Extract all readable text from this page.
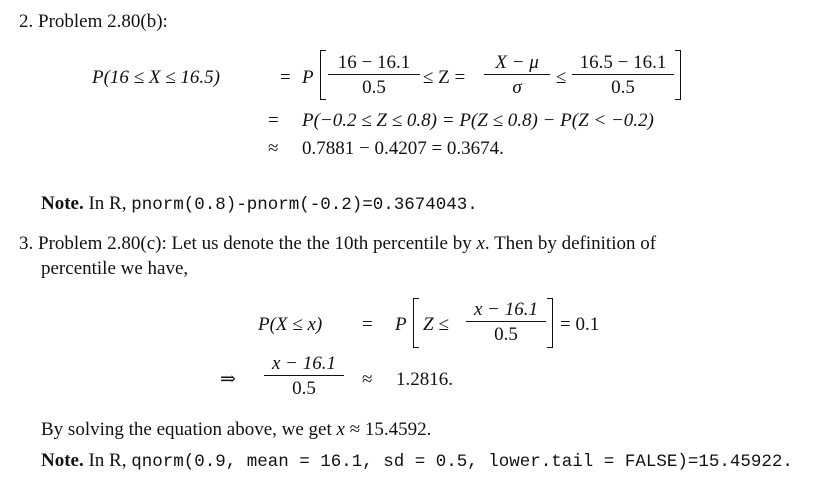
2. Problem 2.80(b):
P(16 ≤ X ≤ 16.5)	= P
16 − 16.1
0.5	≤ Z =
X − μ
σ	≤
16.5 − 16.1
0.5
= P(−0.2 ≤ Z ≤ 0.8) = P(Z ≤ 0.8) − P(Z < −0.2)
≈ 0.7881 − 0.4207 = 0.3674.
Note. In R, pnorm(0.8)-pnorm(-0.2)=0.3674043.
3. Problem 2.80(c): Let us denote the the 10th percentile by x. Then by definition of
percentile we have,
P(X ≤ x) = P Z ≤
x − 16.1
0.5	= 0.1
⇒
x − 16.1
0.5	≈ 1.2816.
By solving the equation above, we get x ≈ 15.4592.
Note. In R, qnorm(0.9, mean = 16.1, sd = 0.5, lower.tail = FALSE)=15.45922.
